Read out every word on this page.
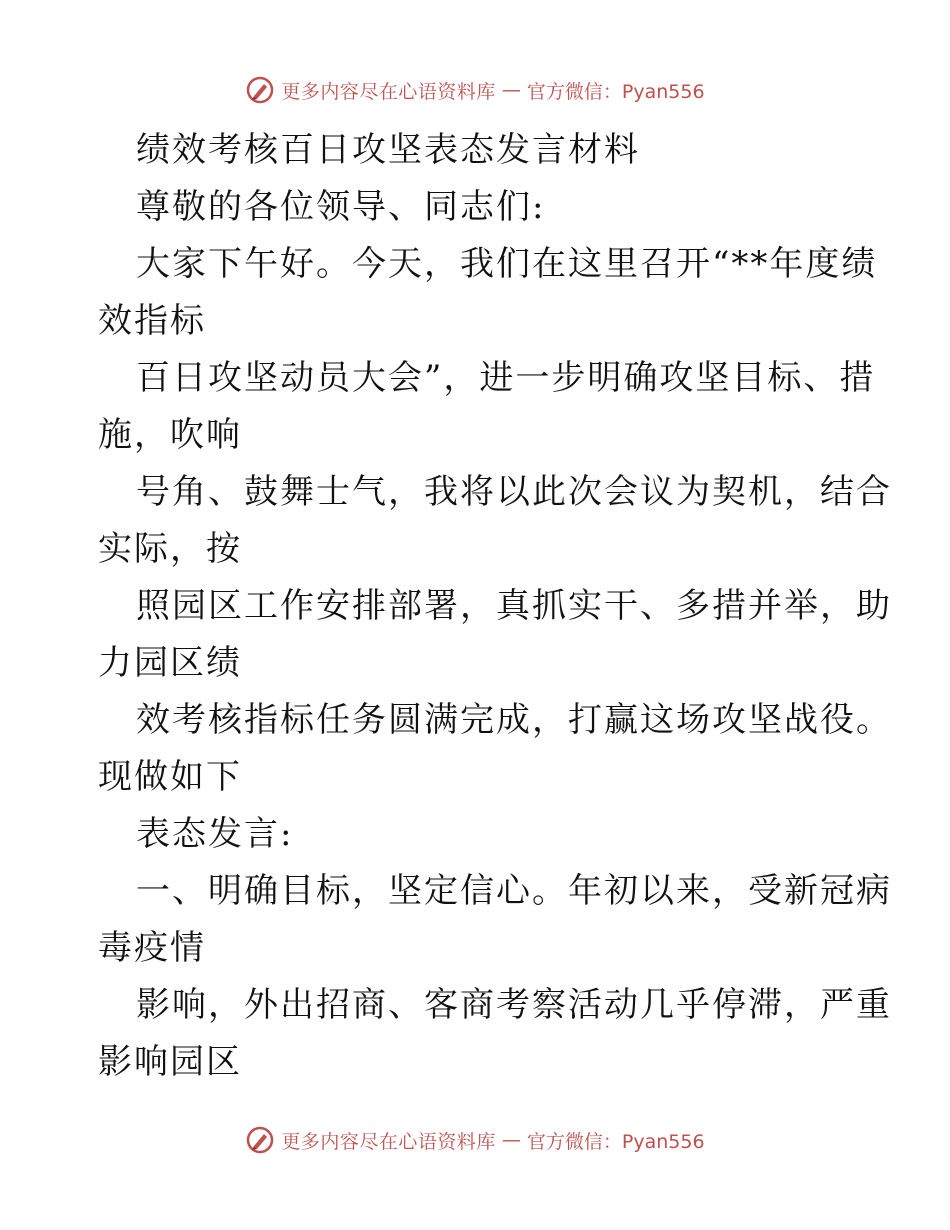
更多内容尽在心语资料库 — 官方微信：Pyan556
绩效考核百日攻坚表态发言材料
尊敬的各位领导、同志们:
大家下午好。今天，我们在这里召开“**年度绩
效指标
百日攻坚动员大会”，进一步明确攻坚目标、措
施，吹响
号角、鼓舞士气，我将以此次会议为契机，结合
实际，按
照园区工作安排部署，真抓实干、多措并举，助
力园区绩
效考核指标任务圆满完成，打赢这场攻坚战役。
现做如下
表态发言:
一、明确目标，坚定信心。年初以来，受新冠病
毒疫情
影响，外出招商、客商考察活动几乎停滞，严重
影响园区
更多内容尽在心语资料库 — 官方微信：Pyan556
